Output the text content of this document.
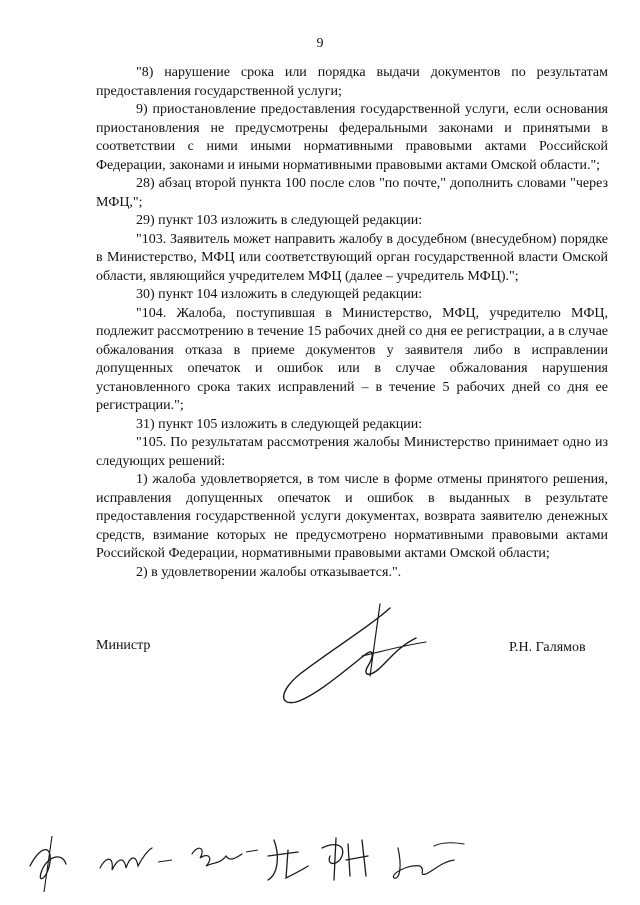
9

"8) нарушение срока или порядка выдачи документов по результатам предоставления государственной услуги;

9) приостановление предоставления государственной услуги, если основания приостановления не предусмотрены федеральными законами и принятыми в соответствии с ними иными нормативными правовыми актами Российской Федерации, законами и иными нормативными правовыми актами Омской области.";

28) абзац второй пункта 100 после слов "по почте," дополнить словами "через МФЦ,";

29) пункт 103 изложить в следующей редакции:

"103. Заявитель может направить жалобу в досудебном (внесудебном) порядке в Министерство, МФЦ или соответствующий орган государственной власти Омской области, являющийся учредителем МФЦ (далее – учредитель МФЦ).";

30) пункт 104 изложить в следующей редакции:

"104. Жалоба, поступившая в Министерство, МФЦ, учредителю МФЦ, подлежит рассмотрению в течение 15 рабочих дней со дня ее регистрации, а в случае обжалования отказа в приеме документов у заявителя либо в исправлении допущенных опечаток и ошибок или в случае обжалования нарушения установленного срока таких исправлений – в течение 5 рабочих дней со дня ее регистрации.";

31) пункт 105 изложить в следующей редакции:

"105. По результатам рассмотрения жалобы Министерство принимает одно из следующих решений:

1) жалоба удовлетворяется, в том числе в форме отмены принятого решения, исправления допущенных опечаток и ошибок в выданных в результате предоставления государственной услуги документах, возврата заявителю денежных средств, взимание которых не предусмотрено нормативными правовыми актами Российской Федерации, нормативными правовыми актами Омской области;

2) в удовлетворении жалобы отказывается.".

Министр	Р.Н. Галямов
